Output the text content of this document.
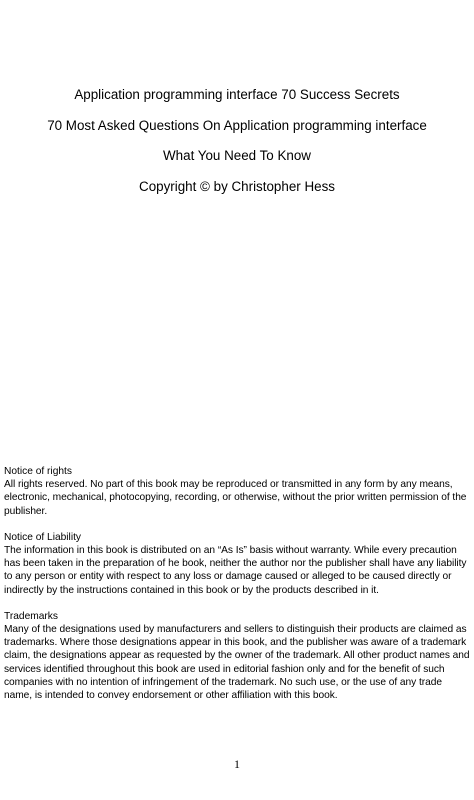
Application programming interface 70 Success Secrets
70 Most Asked Questions On Application programming interface
What You Need To Know
Copyright © by Christopher Hess
Notice of rights
All rights reserved. No part of this book may be reproduced or transmitted in any form by any means, electronic, mechanical, photocopying, recording, or otherwise, without the prior written permission of the publisher.
Notice of Liability
The information in this book is distributed on an “As Is” basis without warranty. While every precaution has been taken in the preparation of he book, neither the author nor the publisher shall have any liability to any person or entity with respect to any loss or damage caused or alleged to be caused directly or indirectly by the instructions contained in this book or by the products described in it.
Trademarks
Many of the designations used by manufacturers and sellers to distinguish their products are claimed as trademarks. Where those designations appear in this book, and the publisher was aware of a trademark claim, the designations appear as requested by the owner of the trademark. All other product names and services identified throughout this book are used in editorial fashion only and for the benefit of such companies with no intention of infringement of the trademark. No such use, or the use of any trade name, is intended to convey endorsement or other affiliation with this book.
1
